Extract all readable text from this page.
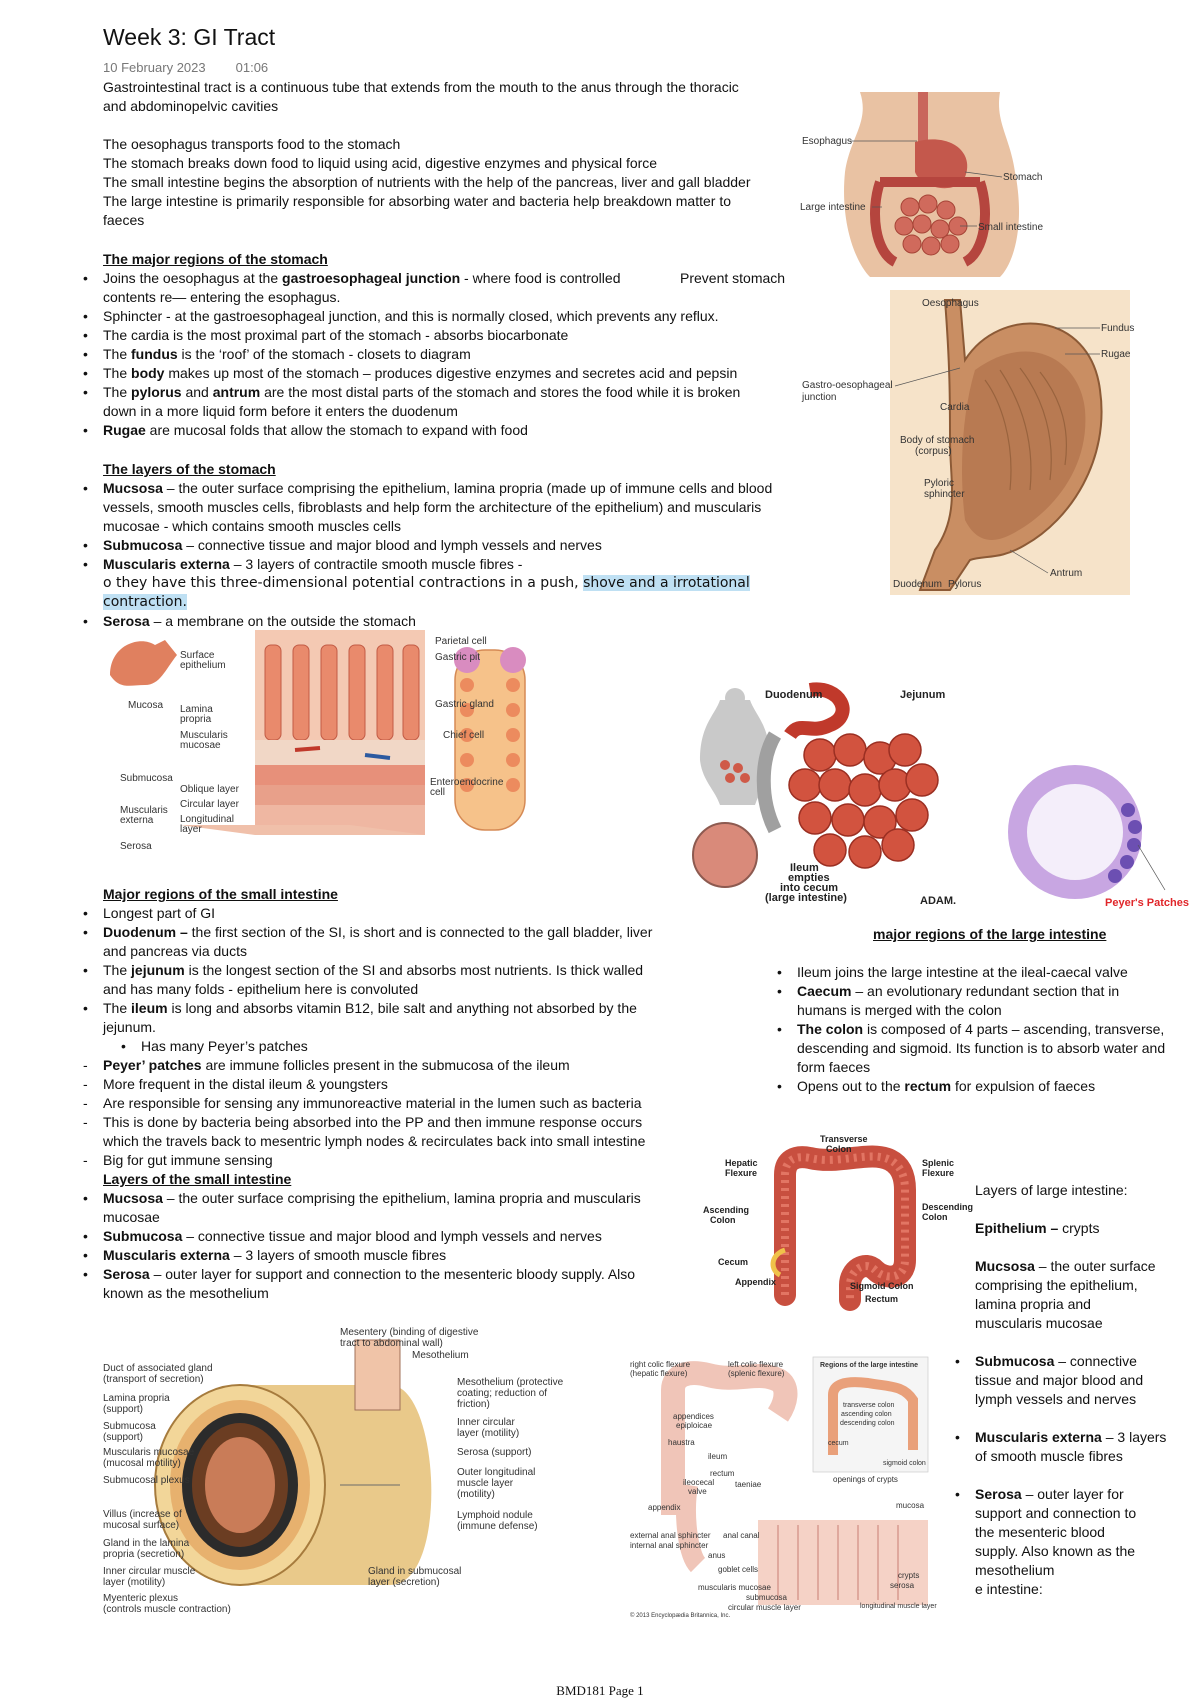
Week 3: GI Tract
10 February 2023 01:06

Gastrointestinal tract is a continuous tube that extends from the mouth to the anus through the thoracic

and abdominopelvic cavities

The oesophagus transports food to the stomach

The stomach breaks down food to liquid using acid, digestive enzymes and physical force

The small intestine begins the absorption of nutrients with the help of the pancreas, liver and gall bladder

The large intestine is primarily responsible for absorbing water and bacteria help breakdown matter to

faeces

The major regions of the stomach

• Joins the oesophagus at the gastroesophageal junction - where food is controlled	Prevent stomach

contents re— entering the esophagus.
• Sphincter - at the gastroesophageal junction, and this is normally closed, which prevents any reflux.
• The cardia is the most proximal part of the stomach - absorbs biocarbonate
• The fundus is the ‘roof’ of the stomach - closets to diagram
• The body makes up most of the stomach – produces digestive enzymes and secretes acid and pepsin
• The pylorus and antrum are the most distal parts of the stomach and stores the food while it is broken
down in a more liquid form before it enters the duodenum
• Rugae are mucosal folds that allow the stomach to expand with food

The layers of the stomach

• Mucsosa – the outer surface comprising the epithelium, lamina propria (made up of immune cells and blood
vessels, smooth muscles cells, fibroblasts and help form the architecture of the epithelium) and muscularis
mucosae - which contains smooth muscles cells
• Submucosa – connective tissue and major blood and lymph vessels and nerves
• Muscularis externa – 3 layers of contractile smooth muscle fibres -

o they have this three-dimensional potential contractions in a push, shove and a irrotational contraction.

• Serosa – a membrane on the outside the stomach

Major regions of the small intestine

• Longest part of GI
• Duodenum – the first section of the SI, is short and is connected to the gall bladder, liver
and pancreas via ducts
• The jejunum is the longest section of the SI and absorbs most nutrients. Is thick walled
and has many folds - epithelium here is convoluted
• The ileum is long and absorbs vitamin B12, bile salt and anything not absorbed by the
jejunum.
• Has many Peyer’s patches
- Peyer’ patches are immune follicles present in the submucosa of the ileum
- More frequent in the distal ileum & youngsters
- Are responsible for sensing any immunoreactive material in the lumen such as bacteria
- This is done by bacteria being absorbed into the PP and then immune response occurs
which the travels back to mesentric lymph nodes & recirculates back into small intestine
- Big for gut immune sensing

Layers of the small intestine

• Mucsosa – the outer surface comprising the epithelium, lamina propria and muscularis
mucosae
• Submucosa – connective tissue and major blood and lymph vessels and nerves
• Muscularis externa – 3 layers of smooth muscle fibres
• Serosa – outer layer for support and connection to the mesenteric bloody supply. Also
known as the mesothelium
major regions of the large intestine
• Ileum joins the large intestine at the ileal-caecal valve
• Caecum – an evolutionary redundant section that in
humans is merged with the colon
• The colon is composed of 4 parts – ascending, transverse,
descending and sigmoid. Its function is to absorb water and
form faeces
• Opens out to the rectum for expulsion of faeces

Layers of large intestine:

Epithelium – crypts

Mucsosa – the outer surface
comprising the epithelium,
lamina propria and
muscularis mucosae

• Submucosa – connective
tissue and major blood and
lymph vessels and nerves

• Muscularis externa – 3 layers
of smooth muscle fibres

• Serosa – outer layer for
support and connection to
the mesenteric blood
supply. Also known as the
mesothelium
e intestine:
Esophagus
Stomach
Large intestine
Small intestine
Oesophagus
Fundus
Rugae
Gastro-oesophageal
junction
Cardia
Body of stomach
(corpus)
Pyloric
sphincter
Antrum
Duodenum Pylorus
Surface
epithelium
Mucosa Lamina
propria
Muscularis
mucosae
Submucosa
Oblique layer
Circular layer
Muscularis
externa	Longitudinal
layer
Serosa
Parietal cell
Gastric pit
Gastric gland
Chief cell
Enteroendocrine
cell
Duodenum	Jejunum
Ileum
empties
into cecum
(large intestine)	ADAM.	Peyer's Patches
Transverse
Colon
Hepatic
Flexure
Splenic
Flexure
Ascending
Colon
Descending
Colon
Cecum
Appendix	Sigmoid Colon
Rectum
Mesentery (binding of digestive
tract to abdominal wall)
Mesothelium
Duct of associated gland
(transport of secretion)
Lamina propria
(support)
Submucosa
(support)
Muscularis mucosae
(mucosal motility)
Submucosal plexus
Villus (increase of
mucosal surface)
Gland in the lamina
propria (secretion)
Inner circular muscle
layer (motility)
Myenteric plexus
(controls muscle contraction)
Mesothelium (protective
coating; reduction of
friction)
Inner circular
layer (motility)
Serosa (support)
Outer longitudinal
muscle layer
(motility)
Lymphoid nodule
(immune defense)
Gland in submucosal
layer (secretion)
right colic flexure
(hepatic flexure)
left colic flexure
(splenic flexure)
Regions of the large intestine
transverse colon
ascending colon
descending colon
cecum
sigmoid colon
appendices
epiploicae
haustra
ileum
rectum
ileocecal
valve
taeniae
appendix
openings of crypts
mucosa
external anal sphincter
internal anal sphincter
anal canal
anus
goblet cells
muscularis mucosae
submucosa
circular muscle layer
crypts
serosa
longitudinal muscle layer
© 2013 Encyclopædia Britannica, Inc.
BMD181 Page 1
